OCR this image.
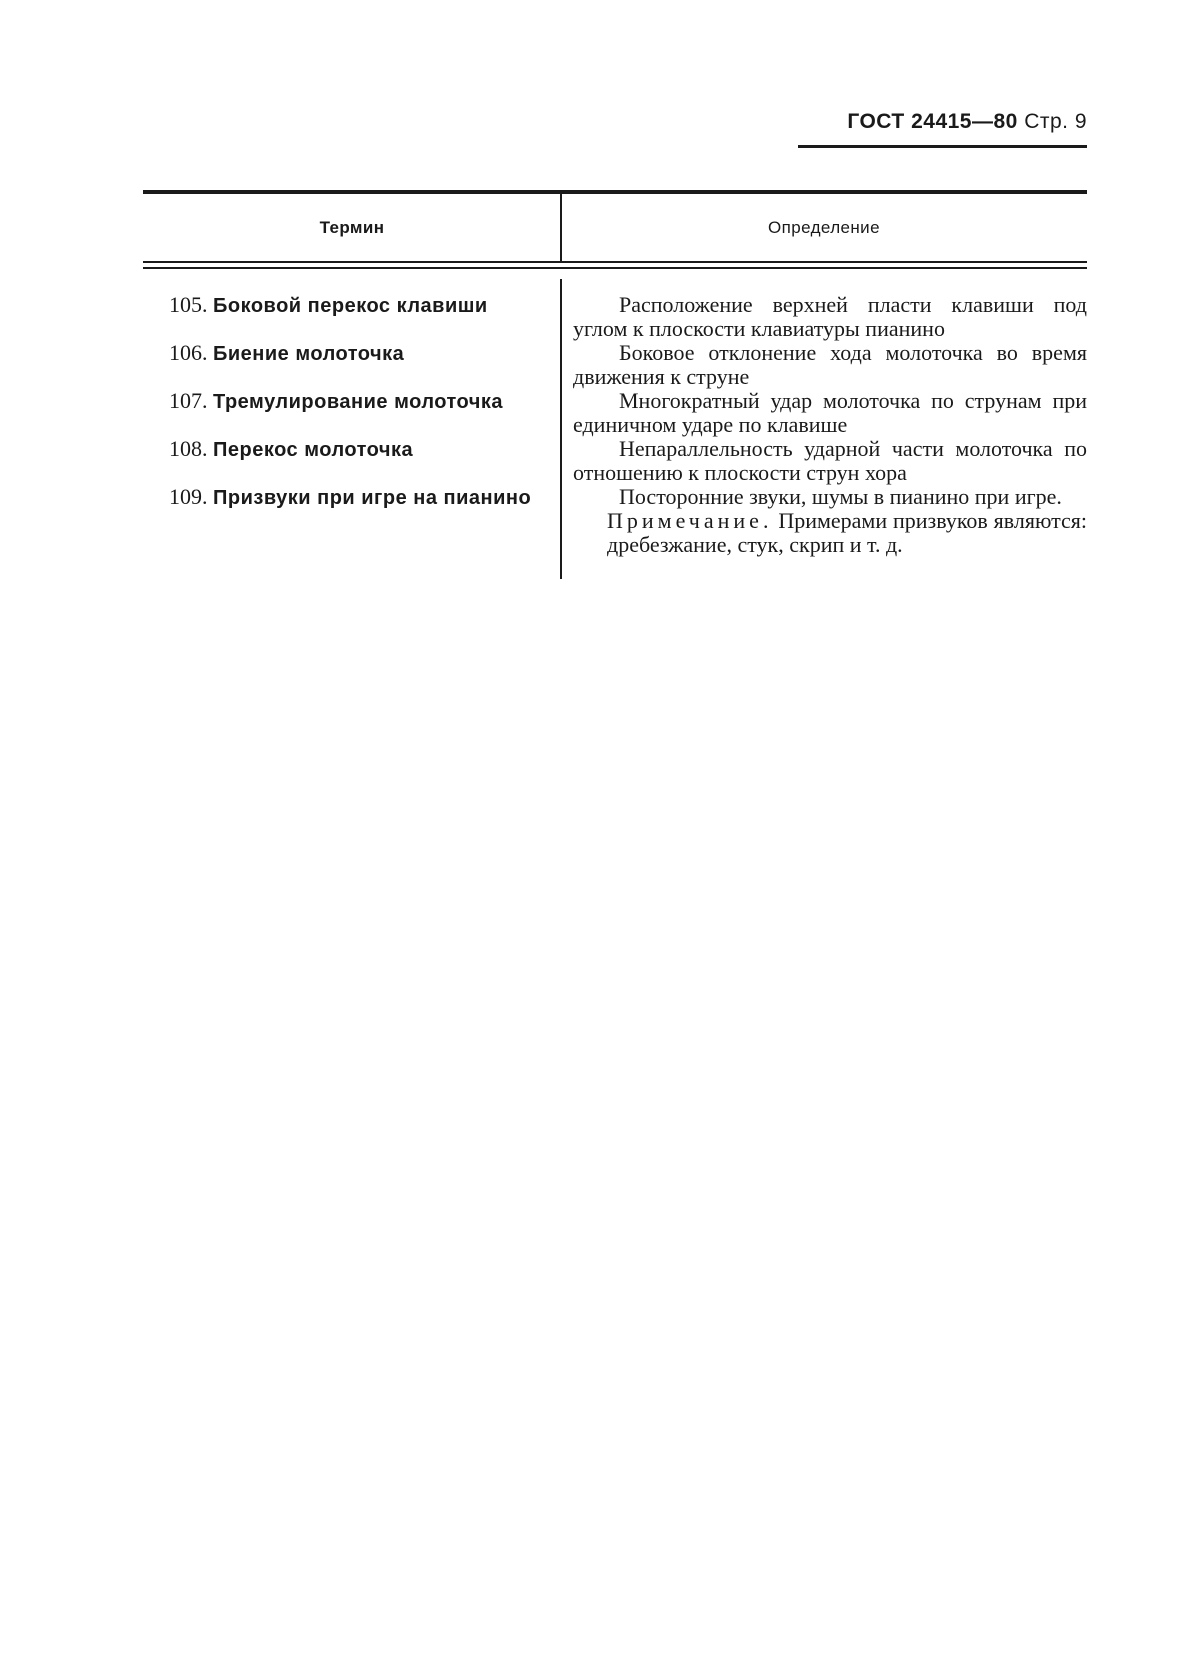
ГОСТ 24415—80 Стр. 9
Термин	Определение
105. Боковой перекос клавиши	Расположение верхней пласти клавиши под углом к плоскости клавиатуры пианино
106. Биение молоточка	Боковое отклонение хода молоточка во время движения к струне
107. Тремулирование молоточка	Многократный удар молоточка по струнам при единичном ударе по клавише
108. Перекос молоточка	Непараллельность ударной части молоточка по отношению к плоскости струн хора
109. Призвуки при игре на пианино	Посторонние звуки, шумы в пианино при игре.
Примечание. Примерами призвуков являются: дребезжание, стук, скрип и т. д.
